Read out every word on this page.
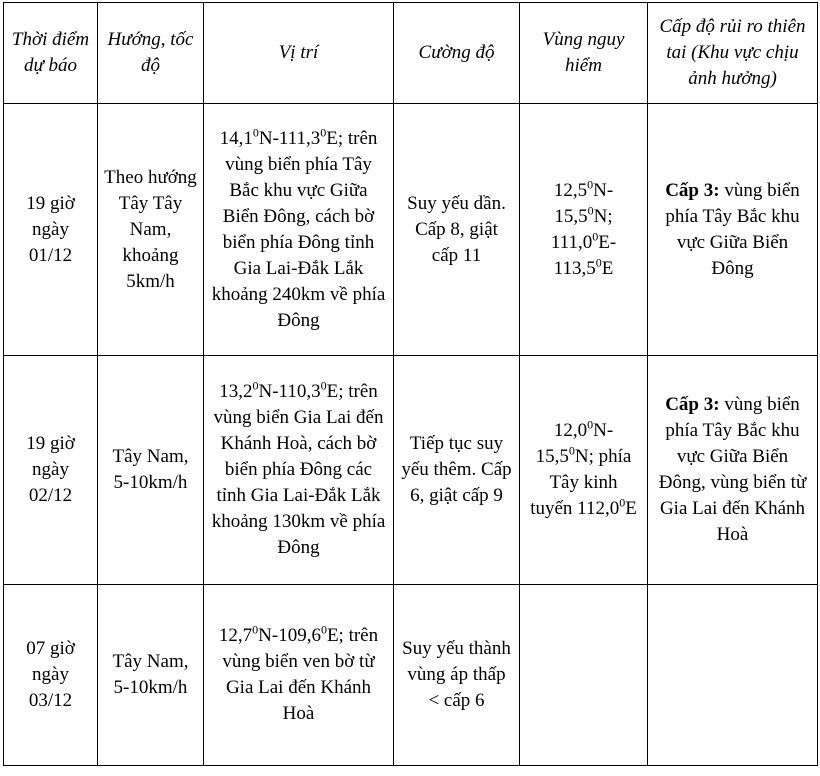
Thời điểm dự báo	Hướng, tốc độ	Vị trí	Cường độ	Vùng nguy hiểm	Cấp độ rủi ro thiên tai (Khu vực chịu ảnh hưởng)
19 giờ ngày 01/12	Theo hướng Tây Tây Nam, khoảng 5km/h	14,1$^0$N-111,3$^0$E; trên vùng biển phía Tây Bắc khu vực Giữa Biển Đông, cách bờ biển phía Đông tỉnh Gia Lai-Đắk Lắk khoảng 240km về phía Đông	Suy yếu dần. Cấp 8, giật cấp 11	12,5$^0$N-15,5$^0$N; 111,0$^0$E-113,5$^0$E	Cấp 3: vùng biển phía Tây Bắc khu vực Giữa Biển Đông
19 giờ ngày 02/12	Tây Nam, 5-10km/h	13,2$^0$N-110,3$^0$E; trên vùng biển Gia Lai đến Khánh Hoà, cách bờ biển phía Đông các tỉnh Gia Lai-Đắk Lắk khoảng 130km về phía Đông	Tiếp tục suy yếu thêm. Cấp 6, giật cấp 9	12,0$^0$N-15,5$^0$N; phía Tây kinh tuyến 112,0$^0$E	Cấp 3: vùng biển phía Tây Bắc khu vực Giữa Biển Đông, vùng biển từ Gia Lai đến Khánh Hoà
07 giờ ngày 03/12	Tây Nam, 5-10km/h	12,7$^0$N-109,6$^0$E; trên vùng biển ven bờ từ Gia Lai đến Khánh Hoà	Suy yếu thành vùng áp thấp < cấp 6		
